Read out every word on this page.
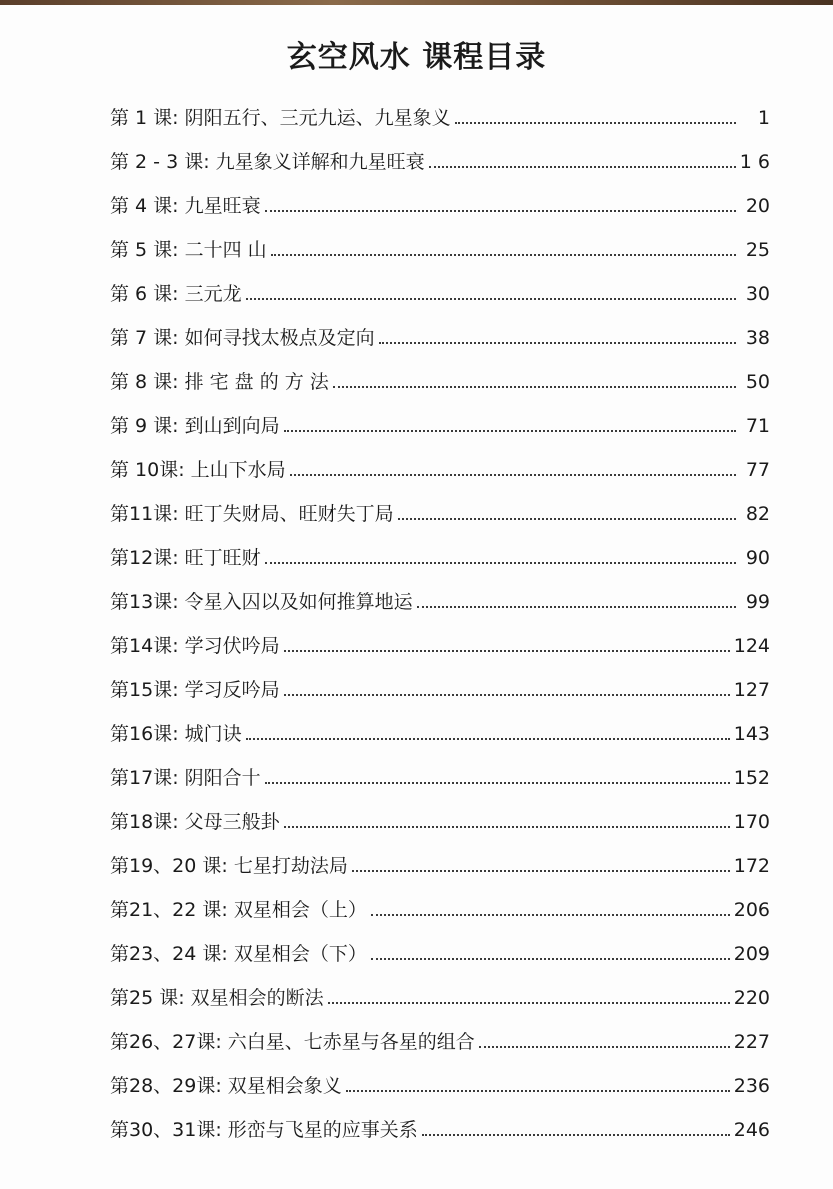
玄空风水 课程目录
第 1 课 : 阴阳五行、三元九运、九星象义	1
第 2 - 3 课 : 九星象义详解和九星旺衰	1 6
第 4 课 : 九星旺衰	20
第 5 课 : 二十四 山	25
第 6 课 : 三元龙	30
第 7 课 : 如何寻找太极点及定向	38
第 8 课 : 排 宅 盘 的 方 法	50
第 9 课 : 到山到向局	71
第 10课 : 上山下水局	77
第11课 : 旺丁失财局、旺财失丁局	82
第12课 : 旺丁旺财	90
第13课 : 令星入囚以及如何推算地运	99
第14课 : 学习伏吟局	124
第15课 : 学习反吟局	127
第16课 : 城门诀	143
第17课 : 阴阳合十	152
第18课 : 父母三般卦	170
第19、20 课 : 七星打劫法局	172
第21、22 课 : 双星相会（上）	206
第23、24 课 : 双星相会（下）	209
第25 课 : 双星相会的断法	220
第26、27课 : 六白星、七赤星与各星的组合	227
第28、29课 : 双星相会象义	236
第30、31课 : 形峦与飞星的应事关系	246
